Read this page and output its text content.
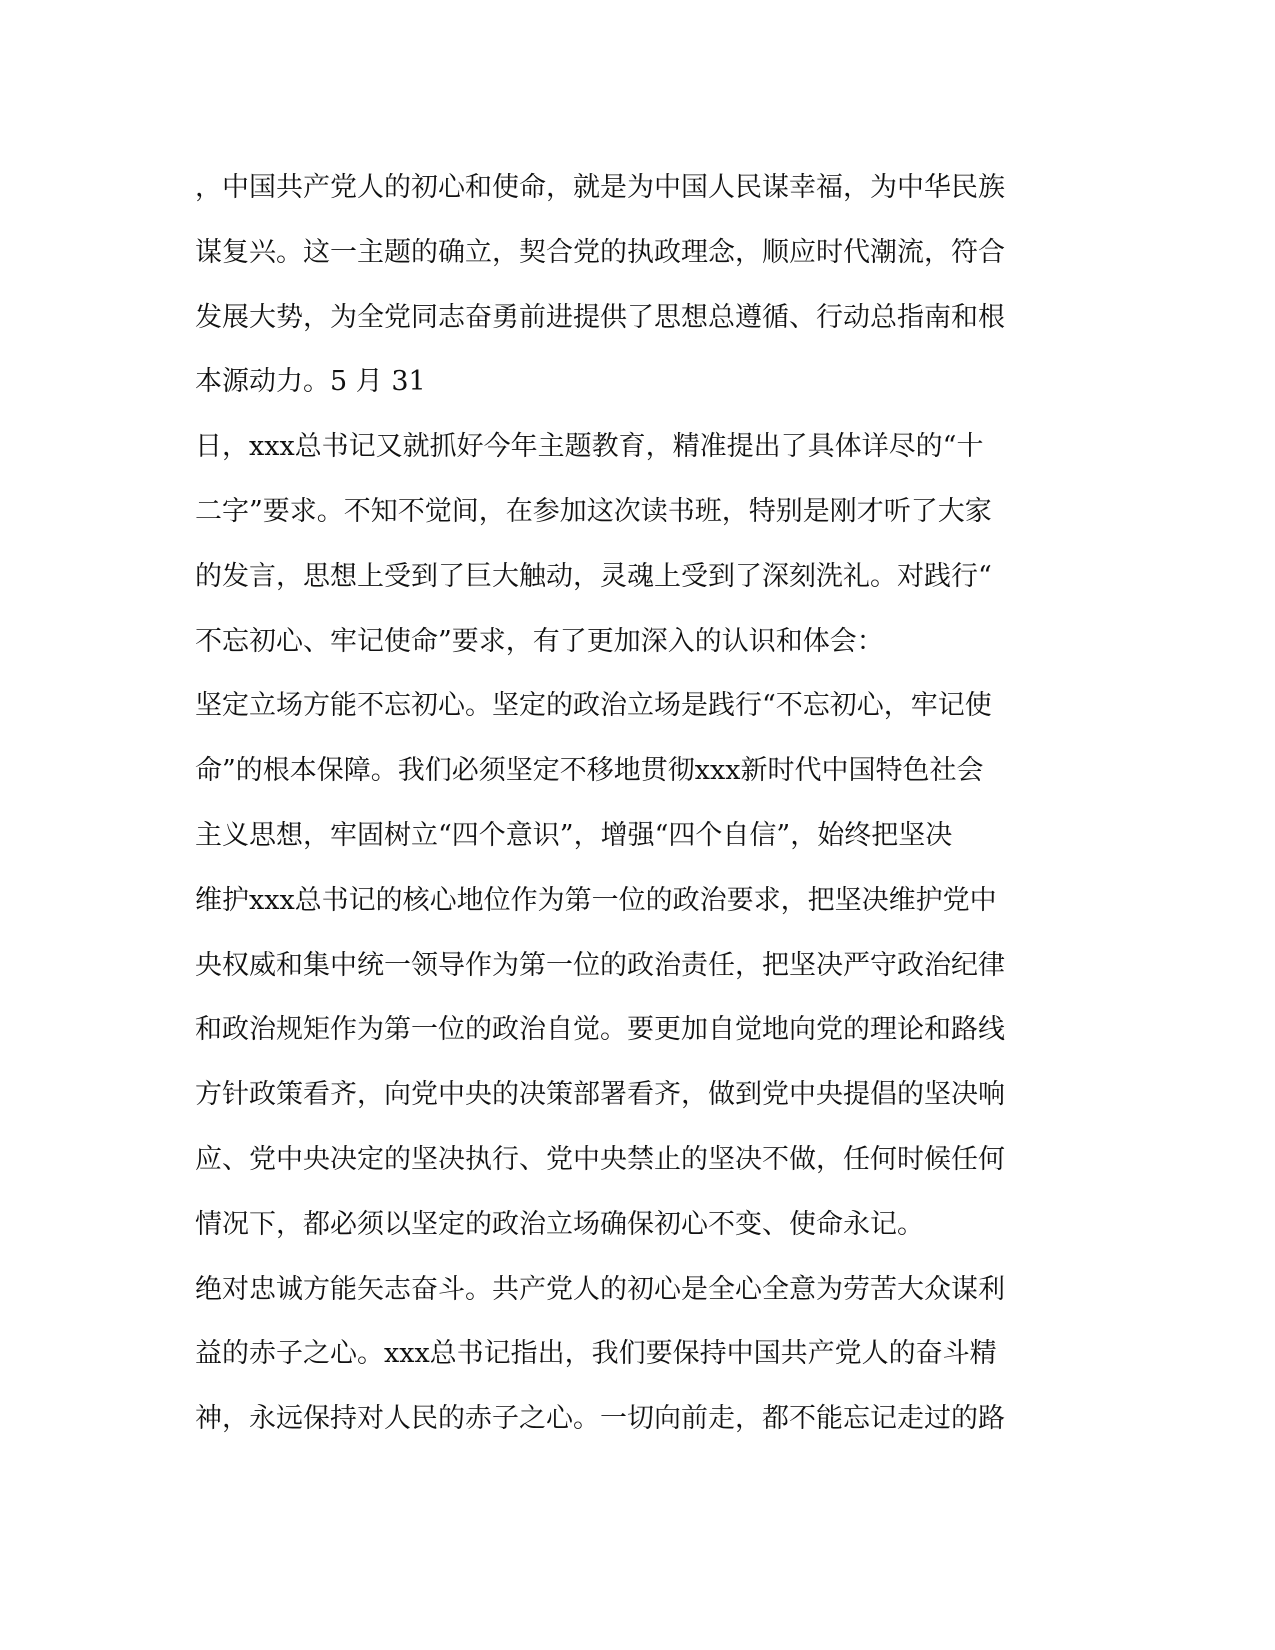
，中国共产党人的初心和使命，就是为中国人民谋幸福，为中华民族
谋复兴。这一主题的确立，契合党的执政理念，顺应时代潮流，符合
发展大势，为全党同志奋勇前进提供了思想总遵循、行动总指南和根
本源动力。5 月 31
日，xxx总书记又就抓好今年主题教育，精准提出了具体详尽的“十
二字”要求。不知不觉间，在参加这次读书班，特别是刚才听了大家
的发言，思想上受到了巨大触动，灵魂上受到了深刻洗礼。对践行“
不忘初心、牢记使命”要求，有了更加深入的认识和体会：
坚定立场方能不忘初心。坚定的政治立场是践行“不忘初心，牢记使
命”的根本保障。我们必须坚定不移地贯彻xxx新时代中国特色社会
主义思想，牢固树立“四个意识”，增强“四个自信”，始终把坚决
维护xxx总书记的核心地位作为第一位的政治要求，把坚决维护党中
央权威和集中统一领导作为第一位的政治责任，把坚决严守政治纪律
和政治规矩作为第一位的政治自觉。要更加自觉地向党的理论和路线
方针政策看齐，向党中央的决策部署看齐，做到党中央提倡的坚决响
应、党中央决定的坚决执行、党中央禁止的坚决不做，任何时候任何
情况下，都必须以坚定的政治立场确保初心不变、使命永记。
绝对忠诚方能矢志奋斗。共产党人的初心是全心全意为劳苦大众谋利
益的赤子之心。xxx总书记指出，我们要保持中国共产党人的奋斗精
神，永远保持对人民的赤子之心。一切向前走，都不能忘记走过的路
